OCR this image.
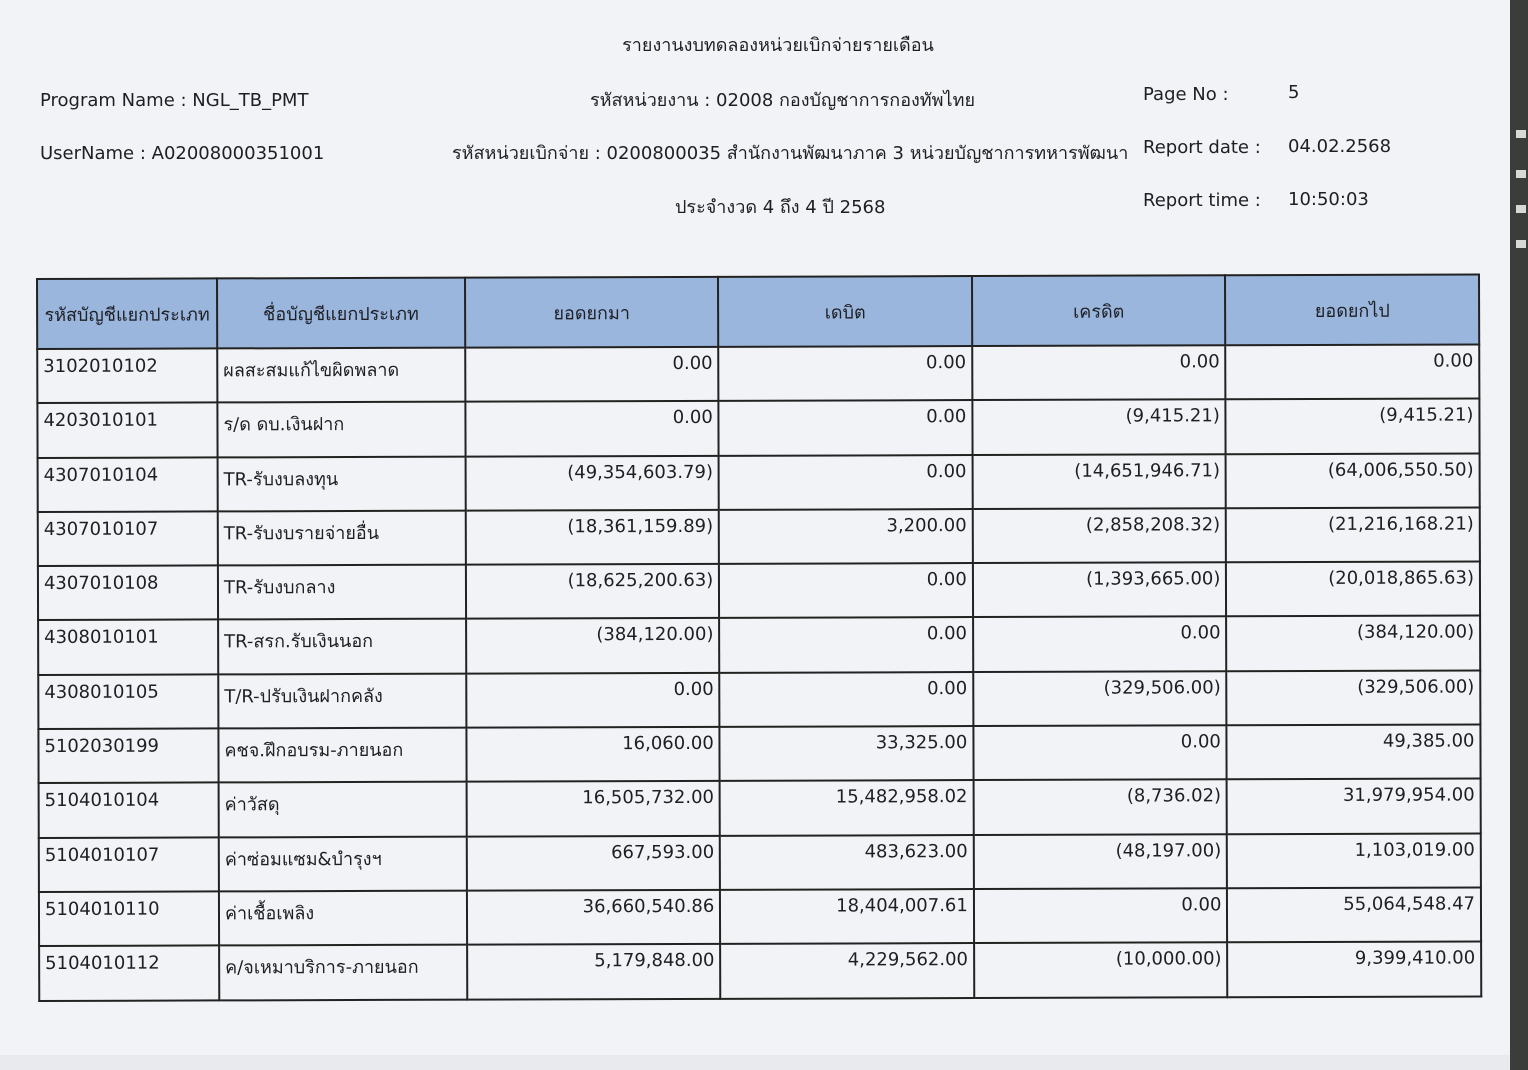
รายงานงบทดลองหน่วยเบิกจ่ายรายเดือน
Program Name : NGL_TB_PMT
UserName : A02008000351001
รหัสหน่วยงาน : 02008 กองบัญชาการกองทัพไทย
รหัสหน่วยเบิกจ่าย : 0200800035 สำนักงานพัฒนาภาค 3 หน่วยบัญชาการทหารพัฒนา
ประจำงวด 4 ถึง 4 ปี 2568
Page No :	5
Report date : 04.02.2568
Report time : 10:50:03
รหัสบัญชีแยกประเภท	ชื่อบัญชีแยกประเภท	ยอดยกมา	เดบิต	เครดิต	ยอดยกไป
3102010102	ผลสะสมแก้ไขผิดพลาด	0.00	0.00	0.00	0.00
4203010101	ร/ด ดบ.เงินฝาก	0.00	0.00	(9,415.21)	(9,415.21)
4307010104	TR-รับงบลงทุน	(49,354,603.79)	0.00	(14,651,946.71)	(64,006,550.50)
4307010107	TR-รับงบรายจ่ายอื่น	(18,361,159.89)	3,200.00	(2,858,208.32)	(21,216,168.21)
4307010108	TR-รับงบกลาง	(18,625,200.63)	0.00	(1,393,665.00)	(20,018,865.63)
4308010101	TR-สรก.รับเงินนอก	(384,120.00)	0.00	0.00	(384,120.00)
4308010105	T/R-ปรับเงินฝากคลัง	0.00	0.00	(329,506.00)	(329,506.00)
5102030199	คชจ.ฝึกอบรม-ภายนอก	16,060.00	33,325.00	0.00	49,385.00
5104010104	ค่าวัสดุ	16,505,732.00	15,482,958.02	(8,736.02)	31,979,954.00
5104010107	ค่าซ่อมแซม&บำรุงฯ	667,593.00	483,623.00	(48,197.00)	1,103,019.00
5104010110	ค่าเชื้อเพลิง	36,660,540.86	18,404,007.61	0.00	55,064,548.47
5104010112	ค/จเหมาบริการ-ภายนอก	5,179,848.00	4,229,562.00	(10,000.00)	9,399,410.00
